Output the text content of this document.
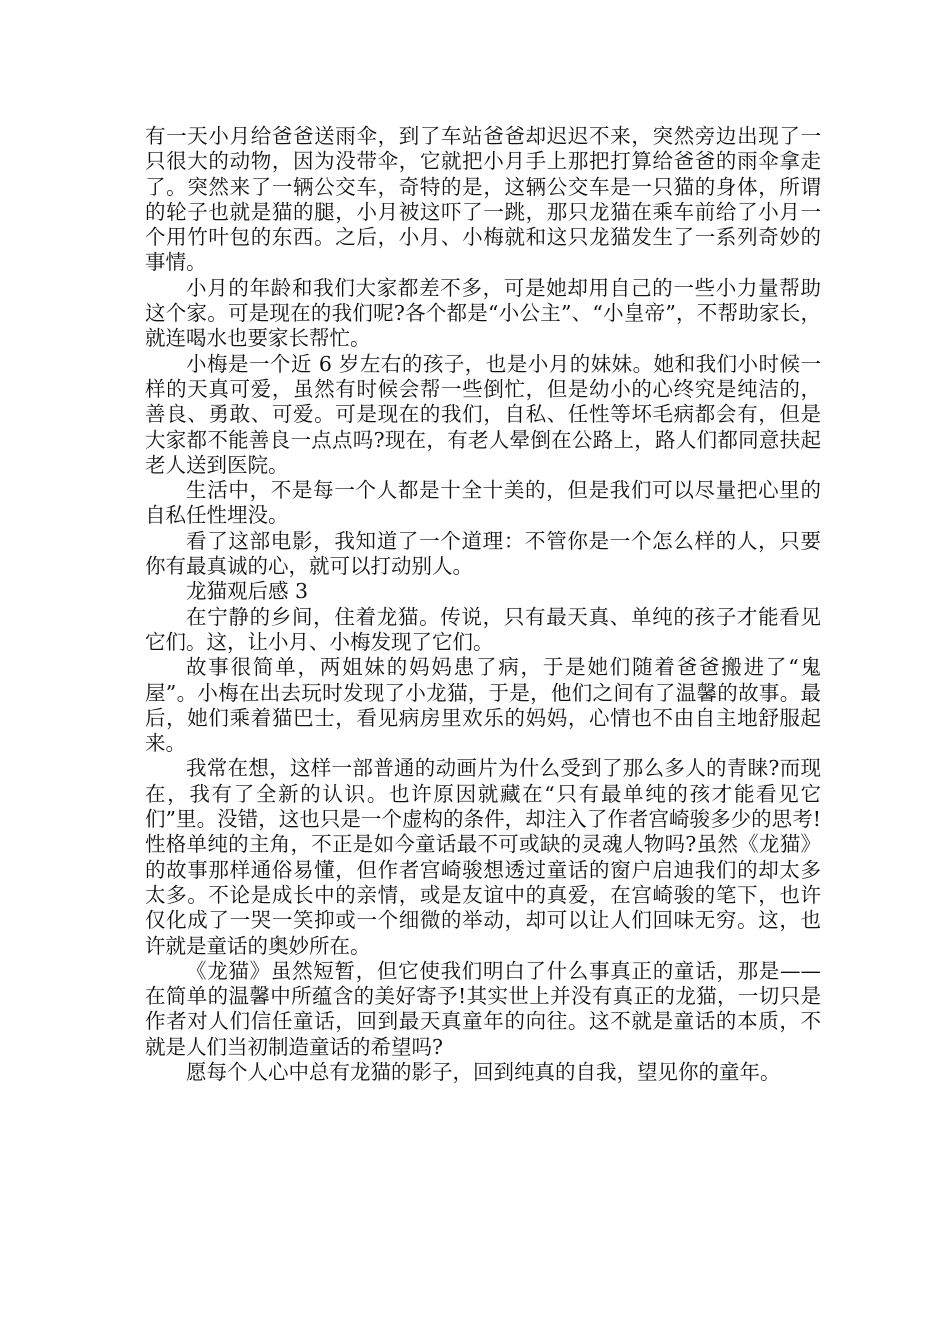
有一天小月给爸爸送雨伞，到了车站爸爸却迟迟不来，突然旁边出现了一只很大的动物，因为没带伞，它就把小月手上那把打算给爸爸的雨伞拿走了。突然来了一辆公交车，奇特的是，这辆公交车是一只猫的身体，所谓的轮子也就是猫的腿，小月被这吓了一跳，那只龙猫在乘车前给了小月一个用竹叶包的东西。之后，小月、小梅就和这只龙猫发生了一系列奇妙的事情。

小月的年龄和我们大家都差不多，可是她却用自己的一些小力量帮助这个家。可是现在的我们呢?各个都是“小公主”、“小皇帝”，不帮助家长，就连喝水也要家长帮忙。

小梅是一个近 6 岁左右的孩子，也是小月的妹妹。她和我们小时候一样的天真可爱，虽然有时候会帮一些倒忙，但是幼小的心终究是纯洁的，善良、勇敢、可爱。可是现在的我们，自私、任性等坏毛病都会有，但是大家都不能善良一点点吗?现在，有老人晕倒在公路上，路人们都同意扶起老人送到医院。

生活中，不是每一个人都是十全十美的，但是我们可以尽量把心里的自私任性埋没。

看了这部电影，我知道了一个道理：不管你是一个怎么样的人，只要你有最真诚的心，就可以打动别人。

龙猫观后感 3

在宁静的乡间，住着龙猫。传说，只有最天真、单纯的孩子才能看见它们。这，让小月、小梅发现了它们。

故事很简单，两姐妹的妈妈患了病，于是她们随着爸爸搬进了“鬼屋”。小梅在出去玩时发现了小龙猫，于是，他们之间有了温馨的故事。最后，她们乘着猫巴士，看见病房里欢乐的妈妈，心情也不由自主地舒服起来。

我常在想，这样一部普通的动画片为什么受到了那么多人的青睐?而现在，我有了全新的认识。也许原因就藏在“只有最单纯的孩才能看见它们”里。没错，这也只是一个虚构的条件，却注入了作者宫崎骏多少的思考!性格单纯的主角，不正是如今童话最不可或缺的灵魂人物吗?虽然《龙猫》的故事那样通俗易懂，但作者宫崎骏想透过童话的窗户启迪我们的却太多太多。不论是成长中的亲情，或是友谊中的真爱，在宫崎骏的笔下，也许仅化成了一哭一笑抑或一个细微的举动，却可以让人们回味无穷。这，也许就是童话的奥妙所在。

《龙猫》虽然短暂，但它使我们明白了什么事真正的童话，那是——在简单的温馨中所蕴含的美好寄予!其实世上并没有真正的龙猫，一切只是作者对人们信任童话，回到最天真童年的向往。这不就是童话的本质，不就是人们当初制造童话的希望吗?

愿每个人心中总有龙猫的影子，回到纯真的自我，望见你的童年。
